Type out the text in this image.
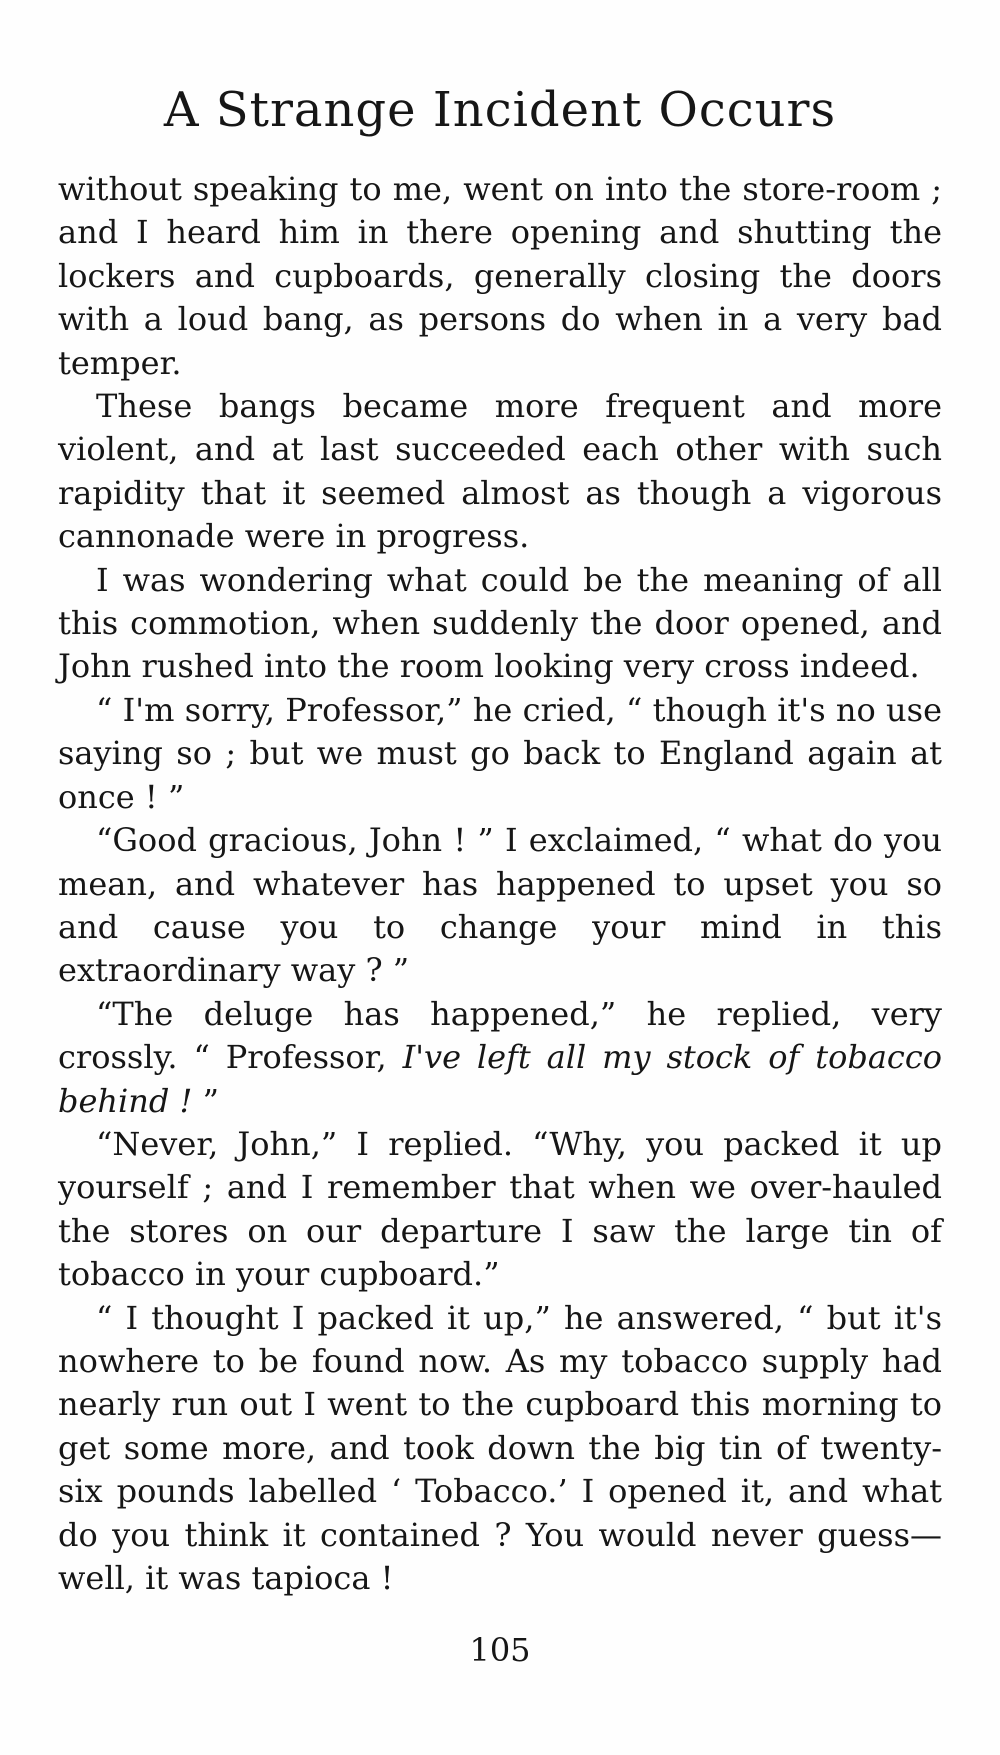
A Strange Incident Occurs

without speaking to me, went on into the store-room ; and I heard him in there opening and shutting the lockers and cupboards, generally closing the doors with a loud bang, as persons do when in a very bad temper.

These bangs became more frequent and more violent, and at last succeeded each other with such rapidity that it seemed almost as though a vigorous cannonade were in progress.

I was wondering what could be the meaning of all this commotion, when suddenly the door opened, and John rushed into the room looking very cross indeed.

“ I'm sorry, Professor,” he cried, “ though it's no use saying so ; but we must go back to England again at once ! ”

“Good gracious, John ! ” I exclaimed, “ what do you mean, and whatever has happened to upset you so and cause you to change your mind in this extraordinary way ? ”

“The deluge has happened,” he replied, very crossly. “ Professor, I've left all my stock of tobacco behind ! ”

“Never, John,” I replied. “Why, you packed it up yourself ; and I remember that when we over-hauled the stores on our departure I saw the large tin of tobacco in your cupboard.”

“ I thought I packed it up,” he answered, “ but it's nowhere to be found now. As my tobacco supply had nearly run out I went to the cupboard this morning to get some more, and took down the big tin of twenty-six pounds labelled ‘ Tobacco.’ I opened it, and what do you think it contained ? You would never guess—well, it was tapioca !

105
